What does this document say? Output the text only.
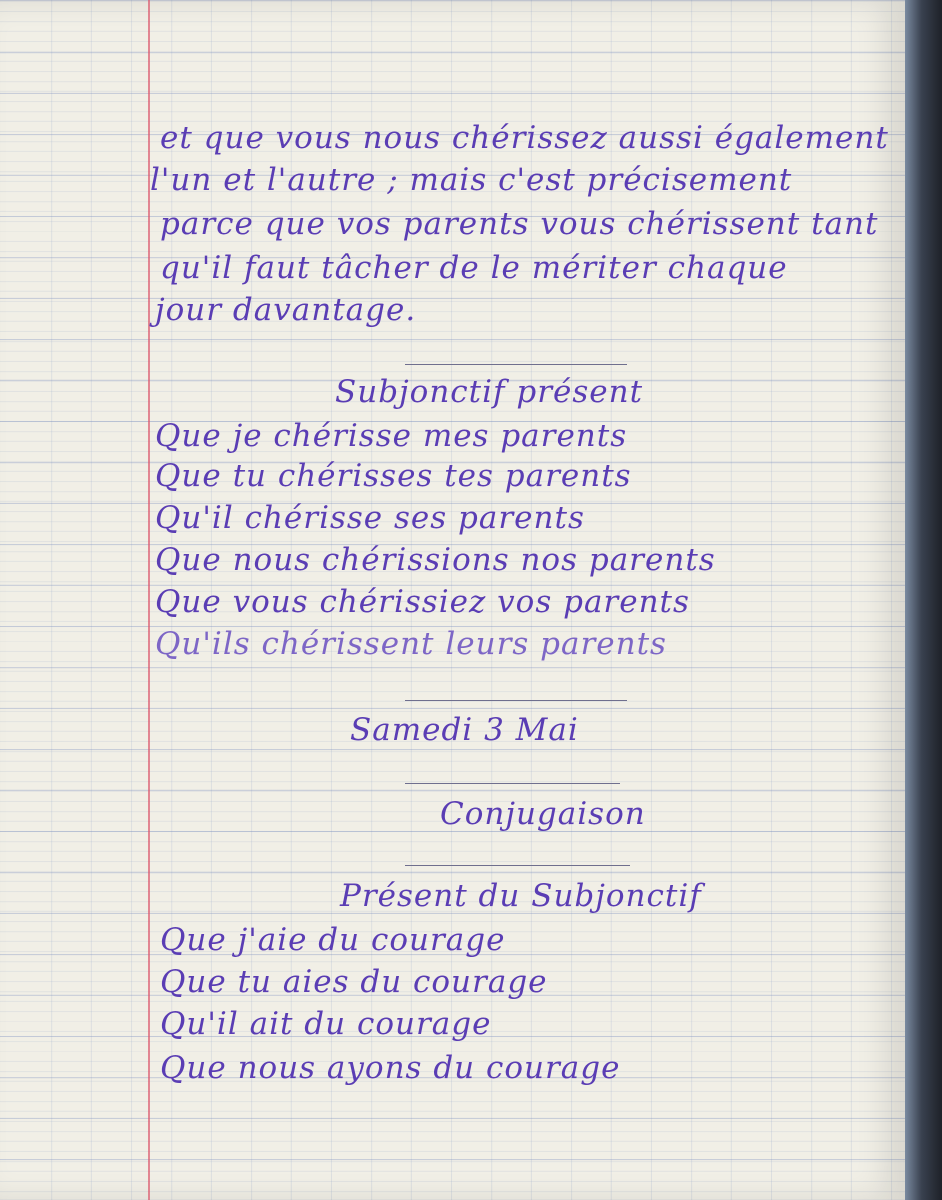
et que vous nous chérissez aussi également
l'un et l'autre ; mais c'est précisement
parce que vos parents vous chérissent tant
qu'il faut tâcher de le mériter chaque
jour davantage.
Subjonctif présent
Que je chérisse mes parents
Que tu chérisses tes parents
Qu'il chérisse ses parents
Que nous chérissions nos parents
Que vous chérissiez vos parents
Qu'ils chérissent leurs parents
Samedi 3 Mai
Conjugaison
Présent du Subjonctif
Que j'aie du courage
Que tu aies du courage
Qu'il ait du courage
Que nous ayons du courage
